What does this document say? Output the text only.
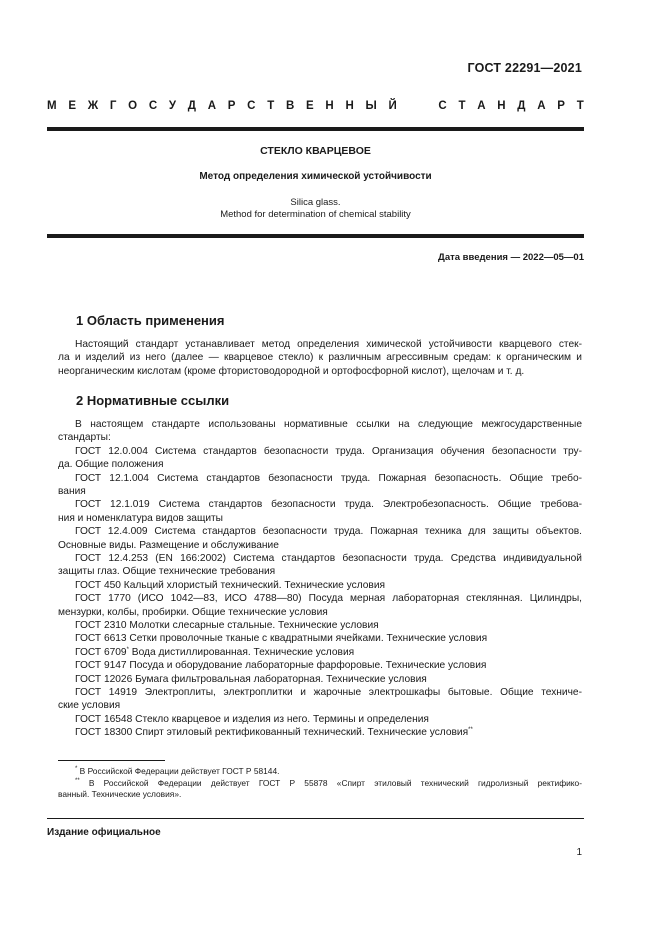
ГОСТ 22291—2021
М Е Ж Г О С У Д А Р С Т В Е Н Н Ы Й

	С Т А Н Д А Р Т
СТЕКЛО КВАРЦЕВОЕ
Метод определения химической устойчивости
Silica glass.
Method for determination of chemical stability
Дата введения — 2022—05—01
1 Область применения
Настоящий стандарт устанавливает метод определения химической устойчивости кварцевого стек-
ла и изделий из него (далее — кварцевое стекло) к различным агрессивным средам: к органическим и
неорганическим кислотам (кроме фтористоводородной и ортофосфорной кислот), щелочам и т. д.
2 Нормативные ссылки
В настоящем стандарте использованы нормативные ссылки на следующие межгосударственные
стандарты:
ГОСТ 12.0.004 Система стандартов безопасности труда. Организация обучения безопасности тру-
да. Общие положения
ГОСТ 12.1.004 Система стандартов безопасности труда. Пожарная безопасность. Общие требо-
вания
ГОСТ 12.1.019 Система стандартов безопасности труда. Электробезопасность. Общие требова-
ния и номенклатура видов защиты
ГОСТ 12.4.009 Система стандартов безопасности труда. Пожарная техника для защиты объектов.
Основные виды. Размещение и обслуживание
ГОСТ 12.4.253 (EN 166:2002) Система стандартов безопасности труда. Средства индивидуальной
защиты глаз. Общие технические требования
ГОСТ 450 Кальций хлористый технический. Технические условия
ГОСТ 1770 (ИСО 1042—83, ИСО 4788—80) Посуда мерная лабораторная стеклянная. Цилиндры,
мензурки, колбы, пробирки. Общие технические условия
ГОСТ 2310 Молотки слесарные стальные. Технические условия
ГОСТ 6613 Сетки проволочные тканые с квадратными ячейками. Технические условия
ГОСТ 6709* Вода дистиллированная. Технические условия
ГОСТ 9147 Посуда и оборудование лабораторные фарфоровые. Технические условия
ГОСТ 12026 Бумага фильтровальная лабораторная. Технические условия
ГОСТ 14919 Электроплиты, электроплитки и жарочные электрошкафы бытовые. Общие техниче-
ские условия
ГОСТ 16548 Стекло кварцевое и изделия из него. Термины и определения
ГОСТ 18300 Спирт этиловый ректификованный технический. Технические условия**
* В Российской Федерации действует ГОСТ Р 58144.
** В Российской Федерации действует ГОСТ Р 55878 «Спирт этиловый технический гидролизный ректифико-
ванный. Технические условия».
Издание официальное
1
